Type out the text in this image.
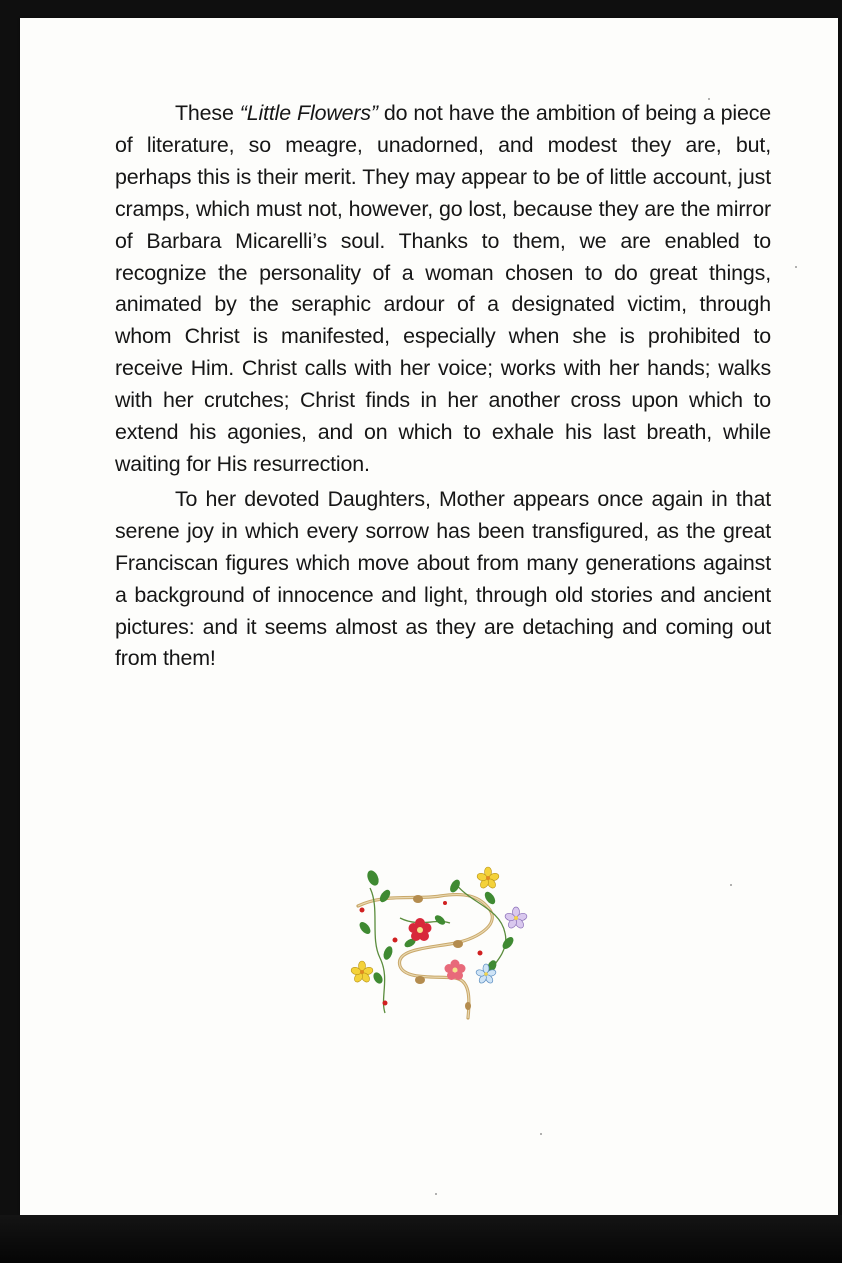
These “Little Flowers” do not have the ambition of being a piece of literature, so meagre, unadorned, and modest they are, but, perhaps this is their merit. They may appear to be of little account, just cramps, which must not, however, go lost, because they are the mirror of Barbara Micarelli’s soul. Thanks to them, we are enabled to recognize the personality of a woman chosen to do great things, animated by the seraphic ardour of a designated victim, through whom Christ is manifested, especially when she is prohibited to receive Him. Christ calls with her voice; works with her hands; walks with her crutches; Christ finds in her another cross upon which to extend his agonies, and on which to exhale his last breath, while waiting for His resurrection.

To her devoted Daughters, Mother appears once again in that serene joy in which every sorrow has been transfigured, as the great Franciscan figures which move about from many generations against a background of innocence and light, through old stories and ancient pictures: and it seems almost as they are detaching and coming out from them!
